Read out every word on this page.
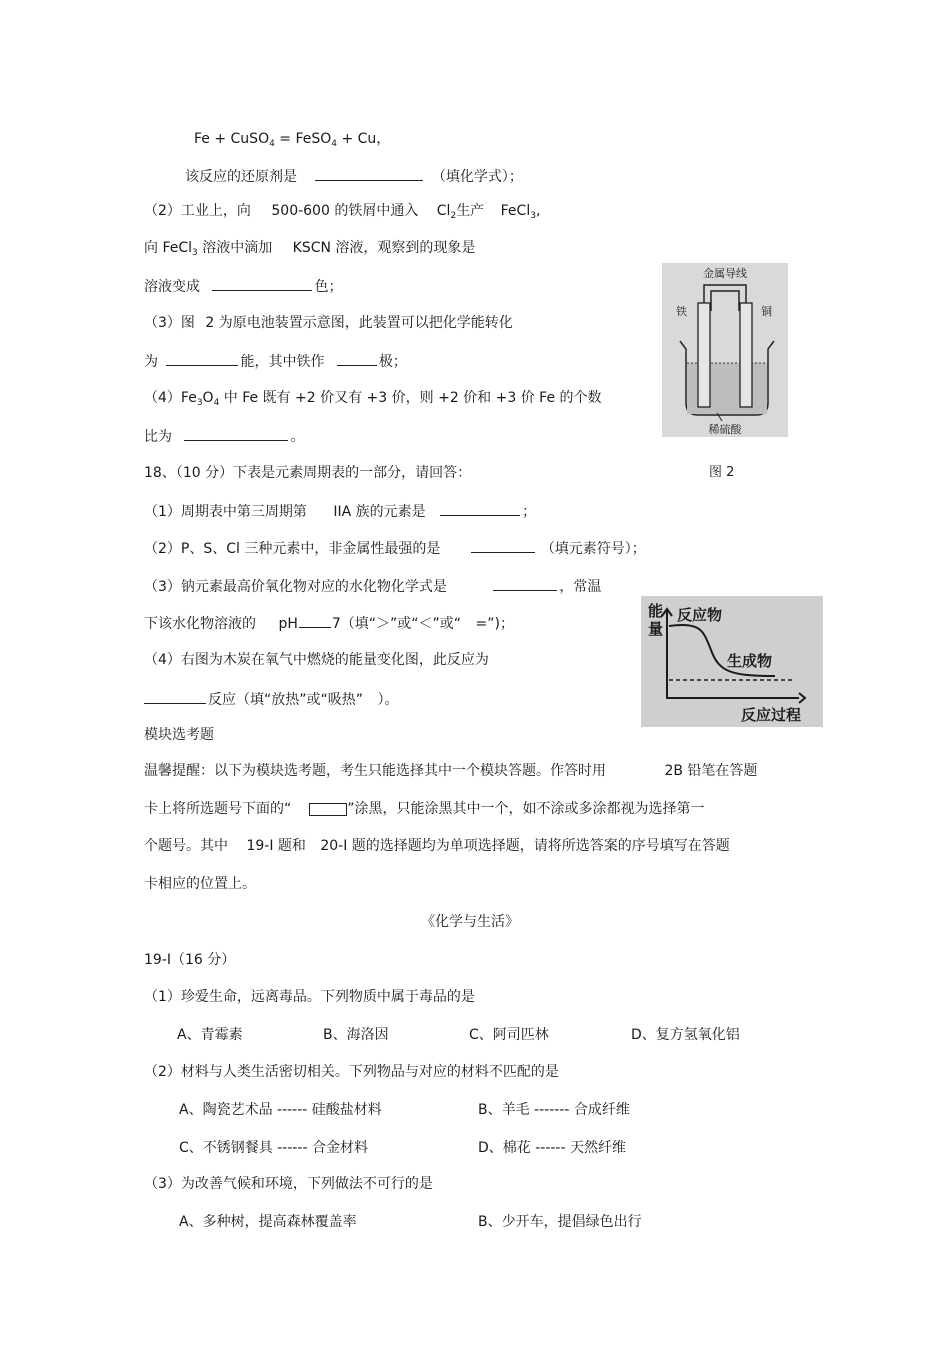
Fe + CuSO$_4$ = FeSO$_4$ + Cu，
该反应的还原剂是	（填化学式）；
（2）工业上，向 500-600 的铁屑中通入 $Cl_2$生产 FeCl$_3$,
向 FeCl$_3$ 溶液中滴加 KSCN 溶液，观察到的现象是
溶液变成	色；
（3）图 2 为原电池装置示意图，此装置可以把化学能转化
为	能，其中铁作	极；
$(4)Fe_3O_4$ 中 Fe 既有 +2 价又有 +3 价，则 +2 价和 +3 价 Fe 的个数
比为	。
金属导线
铁	铜
稀硫酸
图 2
18、（10 分）下表是元素周期表的一部分，请回答：
（1）周期表中第三周期第 IIA 族的元素是	；
（2）P、S、Cl 三种元素中，非金属性最强的是	（填元素符号）；
（3）钠元素最高价氧化物对应的水化物化学式是	，常温
下该水化物溶液的 pH 7（填“＞”或“＜”或“ =”)；
（4）右图为木炭在氧气中燃烧的能量变化图，此反应为
反应（填“放热”或“吸热” ）。
能
量
反应物
生成物
反应过程
模块选考题
温馨提醒：以下为模块选考题，考生只能选择其中一个模块答题。作答时用	2B 铅笔在答题
卡上将所选题号下面的“	”涂黑，只能涂黑其中一个，如不涂或多涂都视为选择第一
个题号。其中 19-I 题和 20-I 题的选择题均为单项选择题，请将所选答案的序号填写在答题
卡相应的位置上。
《化学与生活》
19-I（16 分）
（1）珍爱生命，远离毒品。下列物质中属于毒品的是
A、青霉素	B、海洛因	C、阿司匹林	D、复方氢氧化铝
（2）材料与人类生活密切相关。下列物品与对应的材料不匹配的是
A、陶瓷艺术品 ------ 硅酸盐材料	B、羊毛 ------- 合成纤维
C、不锈钢餐具 ------ 合金材料	D、棉花 ------ 天然纤维
（3）为改善气候和环境，下列做法不可行的是
A、多种树，提高森林覆盖率	B、少开车，提倡绿色出行
